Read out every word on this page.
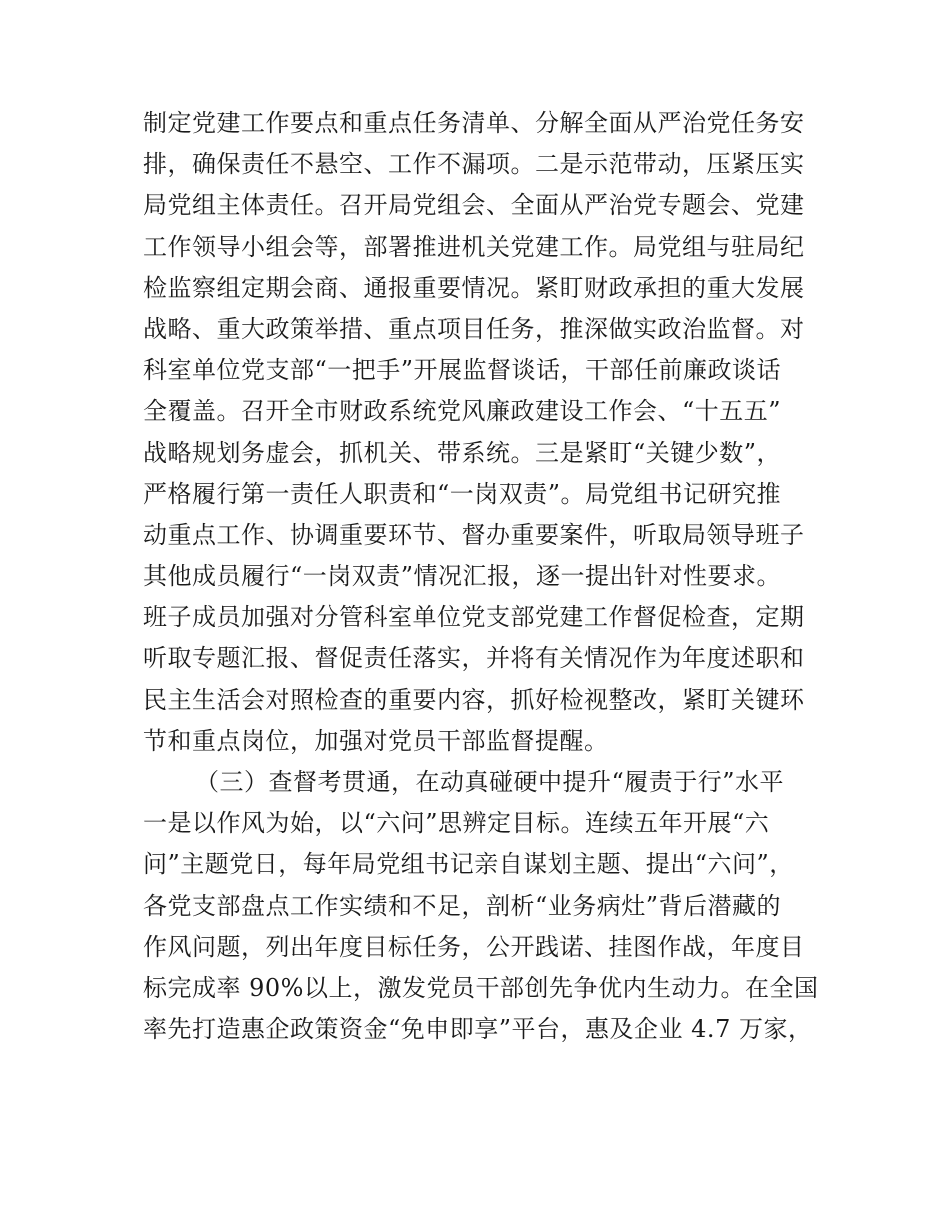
制定党建工作要点和重点任务清单、分解全面从严治党任务安
排，确保责任不悬空、工作不漏项。二是示范带动，压紧压实
局党组主体责任。召开局党组会、全面从严治党专题会、党建
工作领导小组会等，部署推进机关党建工作。局党组与驻局纪
检监察组定期会商、通报重要情况。紧盯财政承担的重大发展
战略、重大政策举措、重点项目任务，推深做实政治监督。对
科室单位党支部“一把手”开展监督谈话，干部任前廉政谈话
全覆盖。召开全市财政系统党风廉政建设工作会、“十五五”
战略规划务虚会，抓机关、带系统。三是紧盯“关键少数”，
严格履行第一责任人职责和“一岗双责”。局党组书记研究推
动重点工作、协调重要环节、督办重要案件，听取局领导班子
其他成员履行“一岗双责”情况汇报，逐一提出针对性要求。
班子成员加强对分管科室单位党支部党建工作督促检查，定期
听取专题汇报、督促责任落实，并将有关情况作为年度述职和
民主生活会对照检查的重要内容，抓好检视整改，紧盯关键环
节和重点岗位，加强对党员干部监督提醒。
（三）查督考贯通，在动真碰硬中提升“履责于行”水平
一是以作风为始，以“六问”思辨定目标。连续五年开展“六
问”主题党日，每年局党组书记亲自谋划主题、提出“六问”，
各党支部盘点工作实绩和不足，剖析“业务病灶”背后潜藏的
作风问题，列出年度目标任务，公开践诺、挂图作战，年度目
标完成率 90%以上，激发党员干部创先争优内生动力。在全国
率先打造惠企政策资金“免申即享”平台，惠及企业 4.7 万家，
